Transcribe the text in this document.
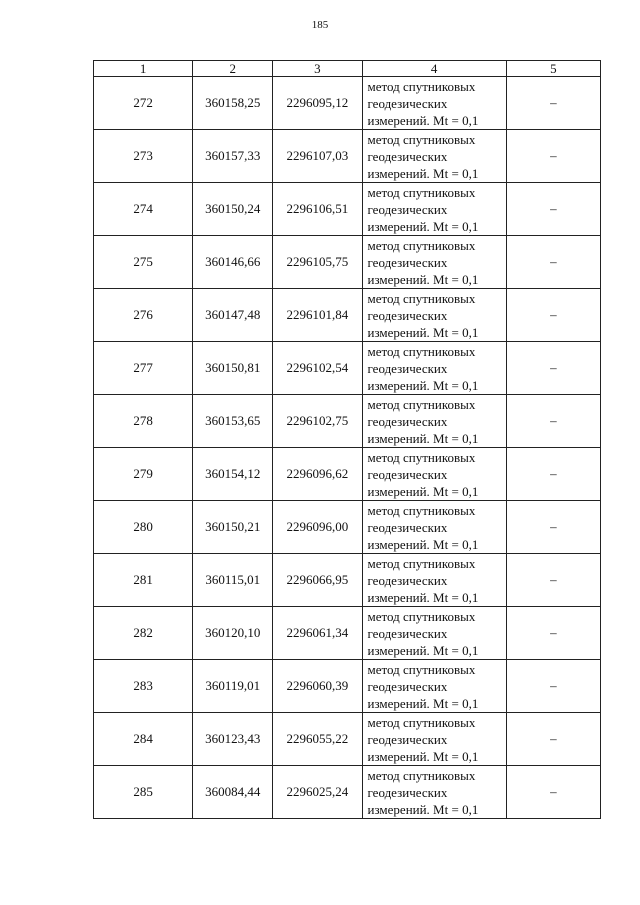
185
1	2	3	4	5
272	360158,25	2296095,12	метод спутниковых
геодезических
измерений. Mt = 0,1	–
273	360157,33	2296107,03	метод спутниковых
геодезических
измерений. Mt = 0,1	–
274	360150,24	2296106,51	метод спутниковых
геодезических
измерений. Mt = 0,1	–
275	360146,66	2296105,75	метод спутниковых
геодезических
измерений. Mt = 0,1	–
276	360147,48	2296101,84	метод спутниковых
геодезических
измерений. Mt = 0,1	–
277	360150,81	2296102,54	метод спутниковых
геодезических
измерений. Mt = 0,1	–
278	360153,65	2296102,75	метод спутниковых
геодезических
измерений. Mt = 0,1	–
279	360154,12	2296096,62	метод спутниковых
геодезических
измерений. Mt = 0,1	–
280	360150,21	2296096,00	метод спутниковых
геодезических
измерений. Mt = 0,1	–
281	360115,01	2296066,95	метод спутниковых
геодезических
измерений. Mt = 0,1	–
282	360120,10	2296061,34	метод спутниковых
геодезических
измерений. Mt = 0,1	–
283	360119,01	2296060,39	метод спутниковых
геодезических
измерений. Mt = 0,1	–
284	360123,43	2296055,22	метод спутниковых
геодезических
измерений. Mt = 0,1	–
285	360084,44	2296025,24	метод спутниковых
геодезических
измерений. Mt = 0,1	–
